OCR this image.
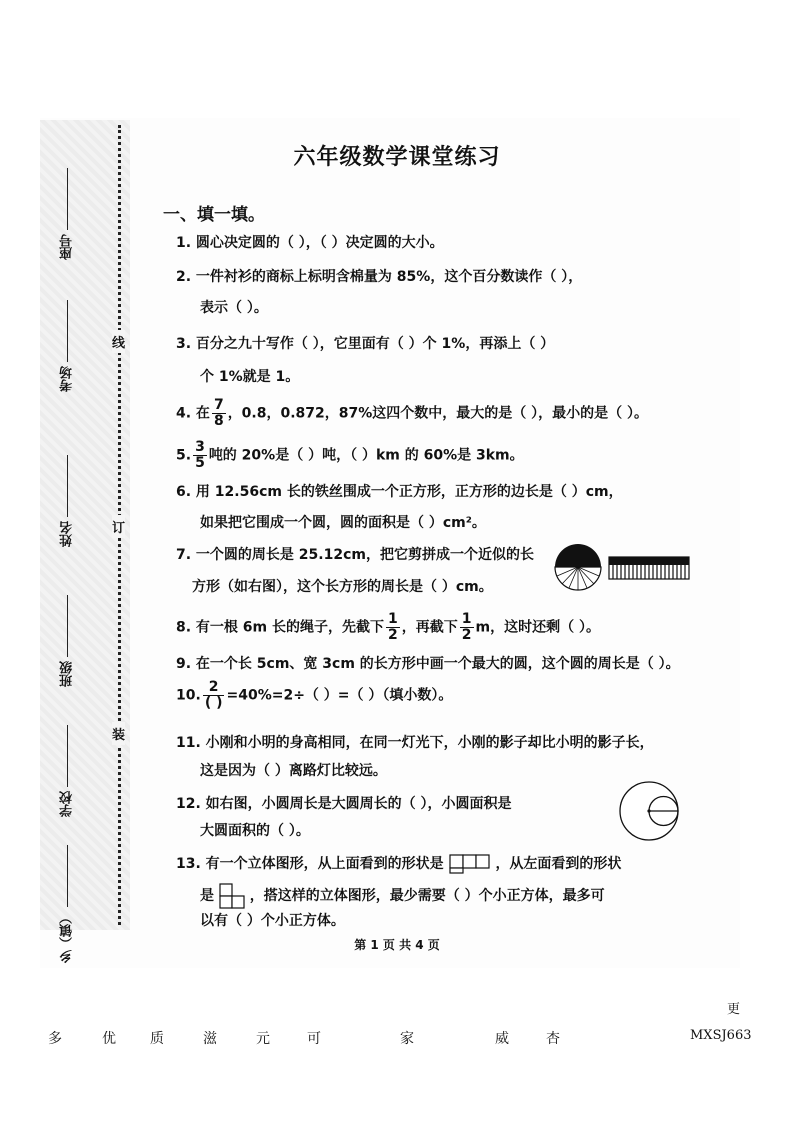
座号
考场
姓名
班级
学校
乡（镇）
线
订
装
六年级数学课堂练习
一、填一填。
1. 圆心决定圆的（ ），（ ）决定圆的大小。
2. 一件衬衫的商标上标明含棉量为 85%，这个百分数读作（ ），
表示（ ）。
3. 百分之九十写作（ ），它里面有（ ）个 1%，再添上（ ）
个 1%就是 1。
4. 在 $\frac{7}{8}$ ，0.8，0.872，87%这四个数中，最大的是（ ），最小的是（ ）。
5. $\frac{3}{5}$ 吨的 20%是（ ）吨，（ ）km 的 60%是 3km。
6. 用 12.56cm 长的铁丝围成一个正方形，正方形的边长是（ ）cm，
如果把它围成一个圆，圆的面积是（ ）cm²。
7. 一个圆的周长是 25.12cm，把它剪拼成一个近似的长
方形（如右图），这个长方形的周长是（ ）cm。
8. 有一根 6m 长的绳子，先截下 $\frac{1}{2}$ ，再截下 $\frac{1}{2}$ m，这时还剩（ ）。
9. 在一个长 5cm、宽 3cm 的长方形中画一个最大的圆，这个圆的周长是（ ）。
10. $\frac{2}{( )} =40\%=2\div$（ ）=（ ）（填小数）。
11. 小刚和小明的身高相同，在同一灯光下，小刚的影子却比小明的影子长，
这是因为（ ）离路灯比较远。
12. 如右图，小圆周长是大圆周长的（ ），小圆面积是
大圆面积的（ ）。
13. 有一个立体图形，从上面看到的形状是	，从左面看到的形状
是	，搭这样的立体图形，最少需要（ ）个小正方体，最多可
以有（ ）个小正方体。
第 1 页 共 4 页
更
多	优 质	滋	元	可	家	威	杏	MXSJ663
